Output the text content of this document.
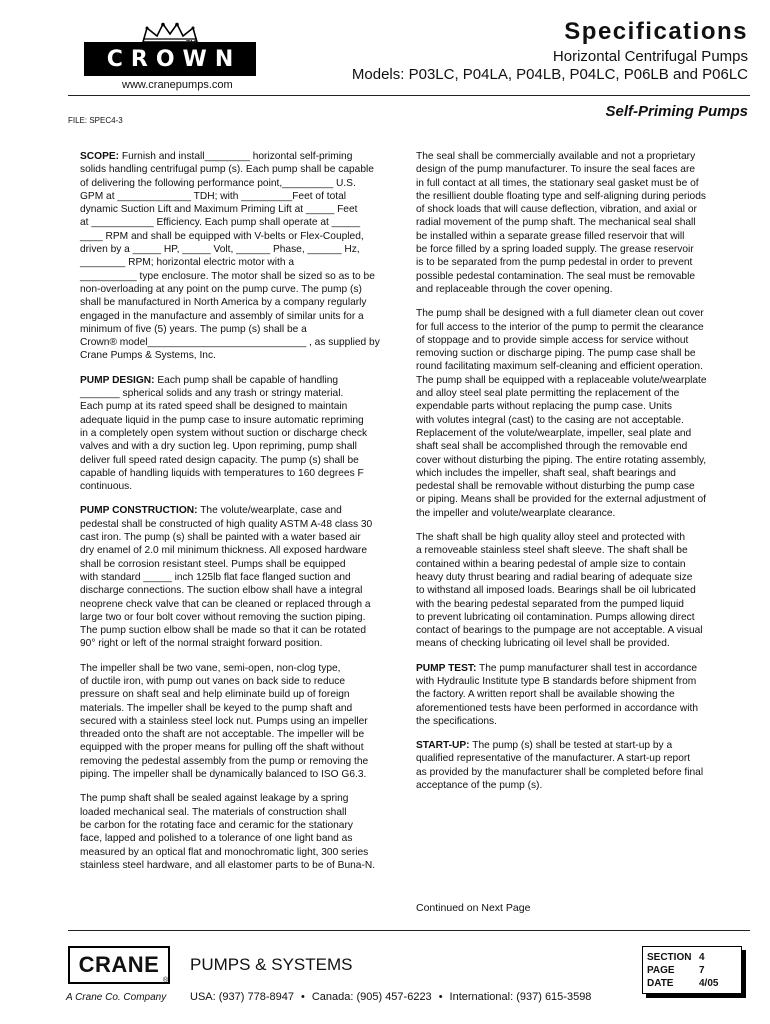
CROWN
TM
www.cranepumps.com
Specifications
Horizontal Centrifugal Pumps
Models: P03LC, P04LA, P04LB, P04LC, P06LB and P06LC
Self-Priming Pumps
FILE: SPEC4-3

SCOPE: Furnish and install________ horizontal self-priming
solids handling centrifugal pump (s). Each pump shall be capable
of delivering the following performance point,_________ U.S.
GPM at _____________ TDH; with _________Feet of total
dynamic Suction Lift and Maximum Priming Lift at _____ Feet
at ___________ Efficiency. Each pump shall operate at _____
____ RPM and shall be equipped with V-belts or Flex-Coupled,
driven by a _____ HP, _____ Volt, ______ Phase, ______ Hz,
________ RPM; horizontal electric motor with a
__________ type enclosure. The motor shall be sized so as to be
non-overloading at any point on the pump curve. The pump (s)
shall be manufactured in North America by a company regularly
engaged in the manufacture and assembly of similar units for a
minimum of five (5) years. The pump (s) shall be a
Crown® model____________________________ , as supplied by
Crane Pumps & Systems, Inc.

PUMP DESIGN: Each pump shall be capable of handling
_______ spherical solids and any trash or stringy material.
Each pump at its rated speed shall be designed to maintain
adequate liquid in the pump case to insure automatic repriming
in a completely open system without suction or discharge check
valves and with a dry suction leg. Upon repriming, pump shall
deliver full speed rated design capacity. The pump (s) shall be
capable of handling liquids with temperatures to 160 degrees F
continuous.

PUMP CONSTRUCTION: The volute/wearplate, case and
pedestal shall be constructed of high quality ASTM A-48 class 30
cast iron. The pump (s) shall be painted with a water based air
dry enamel of 2.0 mil minimum thickness. All exposed hardware
shall be corrosion resistant steel. Pumps shall be equipped
with standard _____ inch 125lb flat face flanged suction and
discharge connections. The suction elbow shall have a integral
neoprene check valve that can be cleaned or replaced through a
large two or four bolt cover without removing the suction piping.
The pump suction elbow shall be made so that it can be rotated
90° right or left of the normal straight forward position.

The impeller shall be two vane, semi-open, non-clog type,
of ductile iron, with pump out vanes on back side to reduce
pressure on shaft seal and help eliminate build up of foreign
materials. The impeller shall be keyed to the pump shaft and
secured with a stainless steel lock nut. Pumps using an impeller
threaded onto the shaft are not acceptable. The impeller will be
equipped with the proper means for pulling off the shaft without
removing the pedestal assembly from the pump or removing the
piping. The impeller shall be dynamically balanced to ISO G6.3.

The pump shaft shall be sealed against leakage by a spring
loaded mechanical seal. The materials of construction shall
be carbon for the rotating face and ceramic for the stationary
face, lapped and polished to a tolerance of one light band as
measured by an optical flat and monochromatic light, 300 series
stainless steel hardware, and all elastomer parts to be of Buna-N.

The seal shall be commercially available and not a proprietary
design of the pump manufacturer. To insure the seal faces are
in full contact at all times, the stationary seal gasket must be of
the resillient double floating type and self-aligning during periods
of shock loads that will cause deflection, vibration, and axial or
radial movement of the pump shaft. The mechanical seal shall
be installed within a separate grease filled reservoir that will
be force filled by a spring loaded supply. The grease reservoir
is to be separated from the pump pedestal in order to prevent
possible pedestal contamination. The seal must be removable
and replaceable through the cover opening.

The pump shall be designed with a full diameter clean out cover
for full access to the interior of the pump to permit the clearance
of stoppage and to provide simple access for service without
removing suction or discharge piping. The pump case shall be
round facilitating maximum self-cleaning and efficient operation.
The pump shall be equipped with a replaceable volute/wearplate
and alloy steel seal plate permitting the replacement of the
expendable parts without replacing the pump case. Units
with volutes integral (cast) to the casing are not acceptable.
Replacement of the volute/wearplate, impeller, seal plate and
shaft seal shall be accomplished through the removable end
cover without disturbing the piping. The entire rotating assembly,
which includes the impeller, shaft seal, shaft bearings and
pedestal shall be removable without disturbing the pump case
or piping. Means shall be provided for the external adjustment of
the impeller and volute/wearplate clearance.

The shaft shall be high quality alloy steel and protected with
a removeable stainless steel shaft sleeve. The shaft shall be
contained within a bearing pedestal of ample size to contain
heavy duty thrust bearing and radial bearing of adequate size
to withstand all imposed loads. Bearings shall be oil lubricated
with the bearing pedestal separated from the pumped liquid
to prevent lubricating oil contamination. Pumps allowing direct
contact of bearings to the pumpage are not acceptable. A visual
means of checking lubricating oil level shall be provided.

PUMP TEST: The pump manufacturer shall test in accordance
with Hydraulic Institute type B standards before shipment from
the factory. A written report shall be available showing the
aforementioned tests have been performed in accordance with
the specifications.

START-UP: The pump (s) shall be tested at start-up by a
qualified representative of the manufacturer. A start-up report
as provided by the manufacturer shall be completed before final
acceptance of the pump (s).

Continued on Next Page
CRANE
®
A Crane Co. Company
PUMPS & SYSTEMS
USA: (937) 778-8947 • Canada: (905) 457-6223 • International: (937) 615-3598
SECTION 4
PAGE	7
DATE	4/05
